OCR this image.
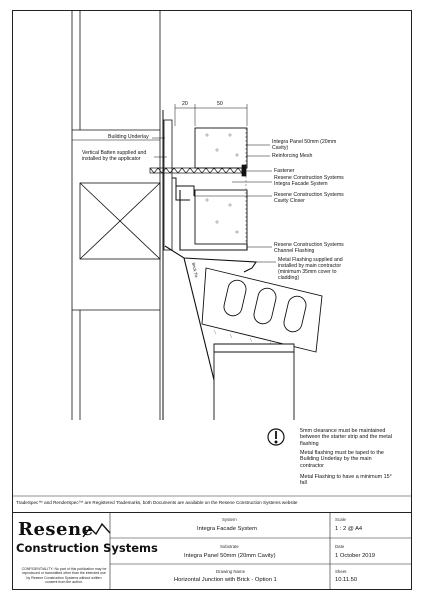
20	50
Building Underlay
Vertical Batten supplied and installed by the applicator
Integra Panel 50mm (20mm Cavity)
Reinforcing Mesh
Fastener
Resene Construction Systems Integra Facade System
Resene Construction Systems Cavity Closer
Resene Construction Systems Channel Flashing
Metal Flashing supplied and installed by main contractor (minimum 35mm cover to cladding)
Brick Tie
5mm clearance must be maintained between the starter strip and the metal flashing
Metal flashing must be taped to the Building Underlay by the main contractor
Metal Flashing to have a minimum 15° fall
TradeSpec™ and RenderSpec™ are Registered Trademarks, both Documents are available on the Resene Construction Systems website
Resene
Construction Systems
CONFIDENTIALITY: No part of this publication may be reproduced or transmitted other than the intended use by Resene Construction Systems without written consent from the author.
System
Integra Facade System
Scale
1 : 2 @ A4
Substrate
Integra Panel 50mm (20mm Cavity)
Date
1 October 2019
Drawing Name
Horizontal Junction with Brick - Option 1
Sheet
10.11.50
